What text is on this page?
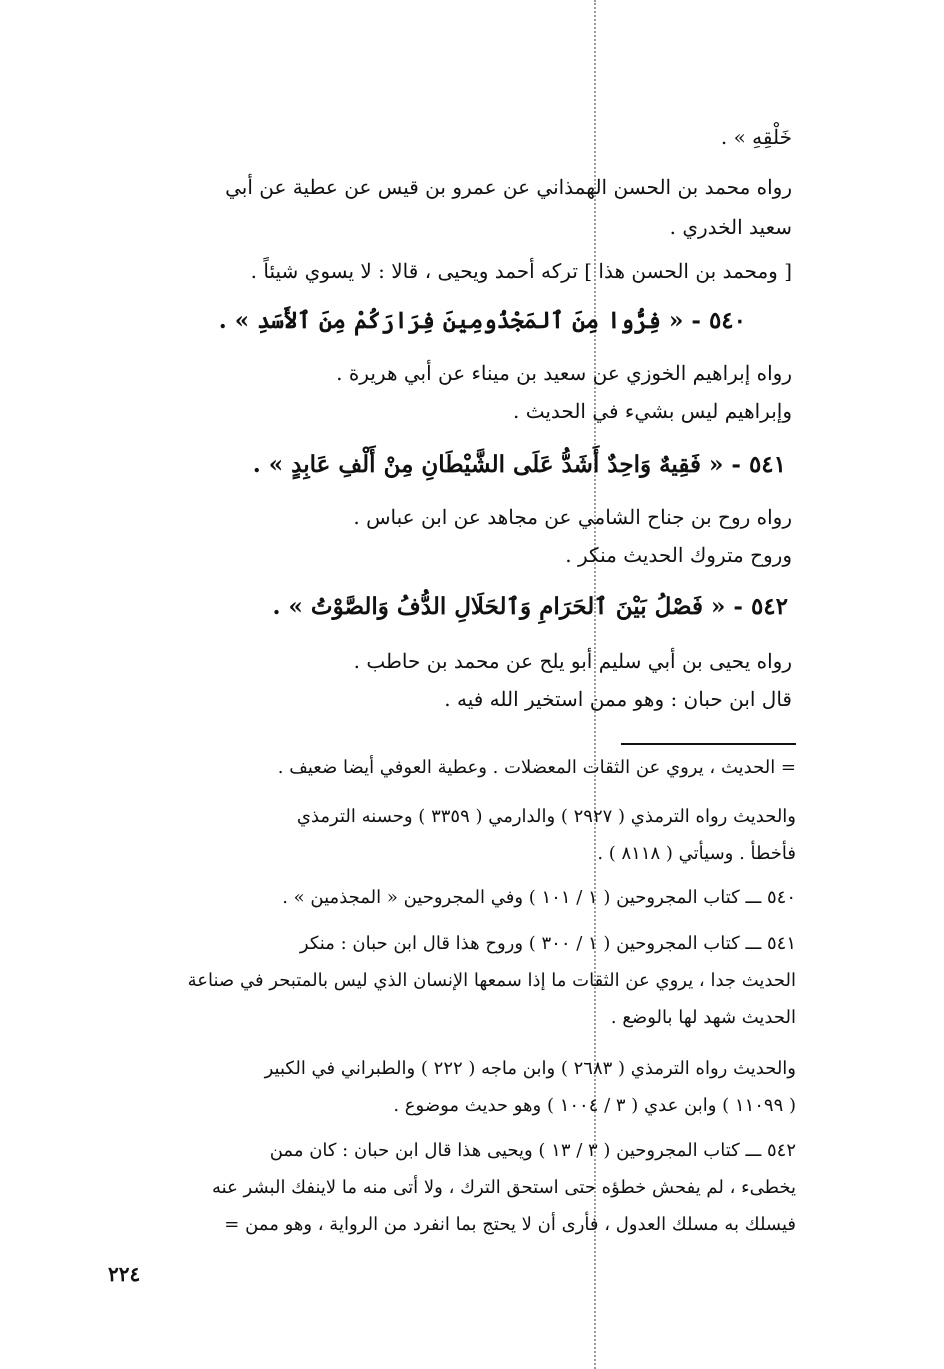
خَلْقِهِ » .
رواه محمد بن الحسن الهمذاني عن عمرو بن قيس عن عطية عن أبي
سعيد الخدري .
[ ومحمد بن الحسن هذا ] تركه أحمد ويحيى ، قالا : لا يسوي شيئاً .
٥٤٠ - « فِرُّوا مِنَ ٱلمَجْذُومِينَ فِرَارَكُمْ مِنَ ٱلأَسَدِ » .
رواه إبراهيم الخوزي عن سعيد بن ميناء عن أبي هريرة .
وإبراهيم ليس بشيء في الحديث .
٥٤١ - « فَقِيهٌ وَاحِدٌ أَشَدُّ عَلَى الشَّيْطَانِ مِنْ أَلْفِ عَابِدٍ » .
رواه روح بن جناح الشامي عن مجاهد عن ابن عباس .
وروح متروك الحديث منكر .
٥٤٢ - « فَصْلُ بَيْنَ ٱلحَرَامِ وَٱلحَلَالِ الدُّفُ وَالصَّوْتُ » .
رواه يحيى بن أبي سليم أبو يلح عن محمد بن حاطب .
قال ابن حبان : وهو ممن استخير الله فيه .
= الحديث ، يروي عن الثقات المعضلات . وعطية العوفي أيضا ضعيف .
والحديث رواه الترمذي ( ٢٩٢٧ ) والدارمي ( ٣٣٥٩ ) وحسنه الترمذي
فأخطأ . وسيأتي ( ٨١١٨ ) .
٥٤٠ ـــ كتاب المجروحين ( ١ / ١٠١ ) وفي المجروحين « المجذمين » .
٥٤١ ـــ كتاب المجروحين ( ١ / ٣٠٠ ) وروح هذا قال ابن حبان : منكر
الحديث جدا ، يروي عن الثقات ما إذا سمعها الإنسان الذي ليس بالمتبحر في صناعة
الحديث شهد لها بالوضع .
والحديث رواه الترمذي ( ٢٦٨٣ ) وابن ماجه ( ٢٢٢ ) والطبراني في الكبير
( ١١٠٩٩ ) وابن عدي ( ٣ / ١٠٠٤ ) وهو حديث موضوع .
٥٤٢ ـــ كتاب المجروحين ( ٣ / ١٣ ) ويحيى هذا قال ابن حبان : كان ممن
يخطىء ، لم يفحش خطؤه حتى استحق الترك ، ولا أتى منه ما لاينفك البشر عنه
فيسلك به مسلك العدول ، فأرى أن لا يحتج بما انفرد من الرواية ، وهو ممن =
٢٢٤
